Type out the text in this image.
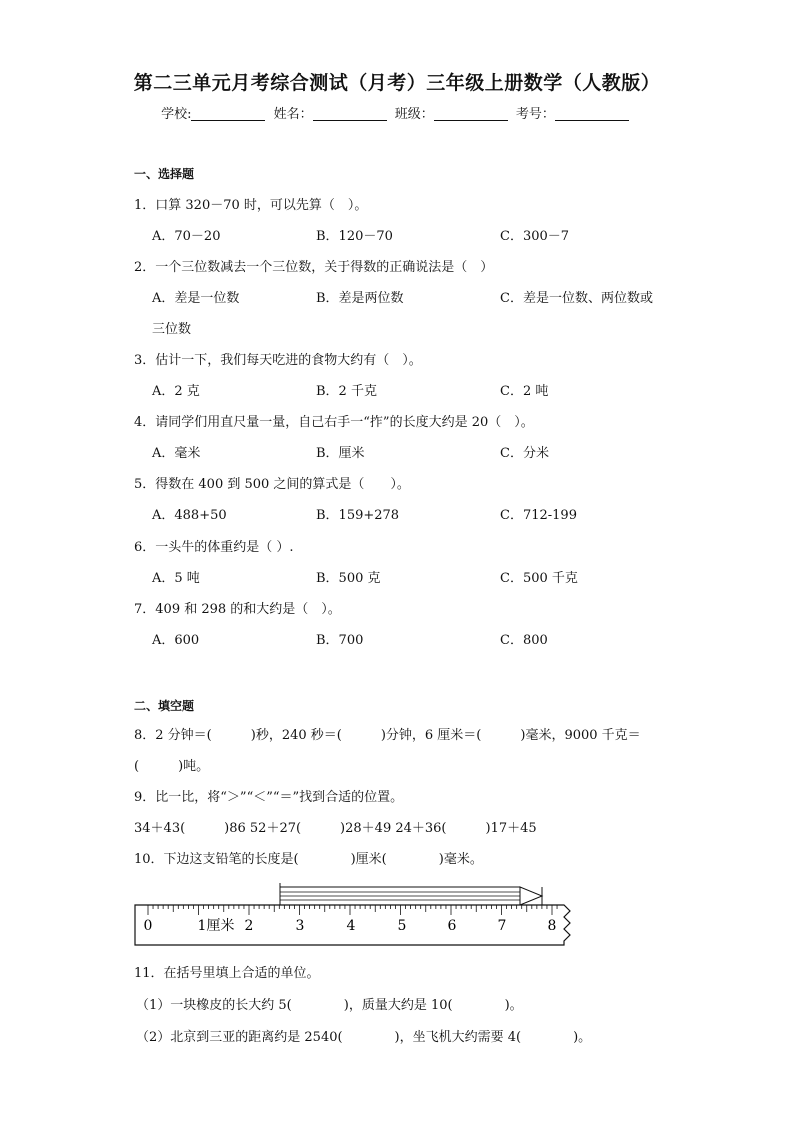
第二三单元月考综合测试（月考）三年级上册数学（人教版）
学校:	姓名：	班级：	考号：
一、选择题
1．口算 320－70 时，可以先算（　）。
A．70－20	B．120－70	C．300－7
2．一个三位数减去一个三位数，关于得数的正确说法是（　）
A．差是一位数	B．差是两位数	C．差是一位数、两位数或
三位数
3．估计一下，我们每天吃进的食物大约有（　）。
A．2 克	B．2 千克	C．2 吨
4．请同学们用直尺量一量，自己右手一“拃”的长度大约是 20（　）。
A．毫米	B．厘米	C．分米
5．得数在 400 到 500 之间的算式是（　　）。
A．488+50	B．159+278	C．712-199
6．一头牛的体重约是（ ）.
A．5 吨	B．500 克	C．500 千克
7．409 和 298 的和大约是（　）。
A．600	B．700	C．800
二、填空题
8．2 分钟＝(　　　)秒，240 秒＝(　　　)分钟，6 厘米＝(　　　)毫米，9000 千克＝
(　　　)吨。
9．比一比，将“＞”“＜”“＝”找到合适的位置。
34＋43(　　　)86 52＋27(　　　)28＋49 24＋36(　　　)17＋45
10．下边这支铅笔的长度是(　　　　)厘米(　　　　)毫米。
0	1厘米 2	3	4	5	6	7	8
11．在括号里填上合适的单位。
（1）一块橡皮的长大约 5(　　　　)，质量大约是 10(　　　　)。
（2）北京到三亚的距离约是 2540(　　　　)，坐飞机大约需要 4(　　　　)。
